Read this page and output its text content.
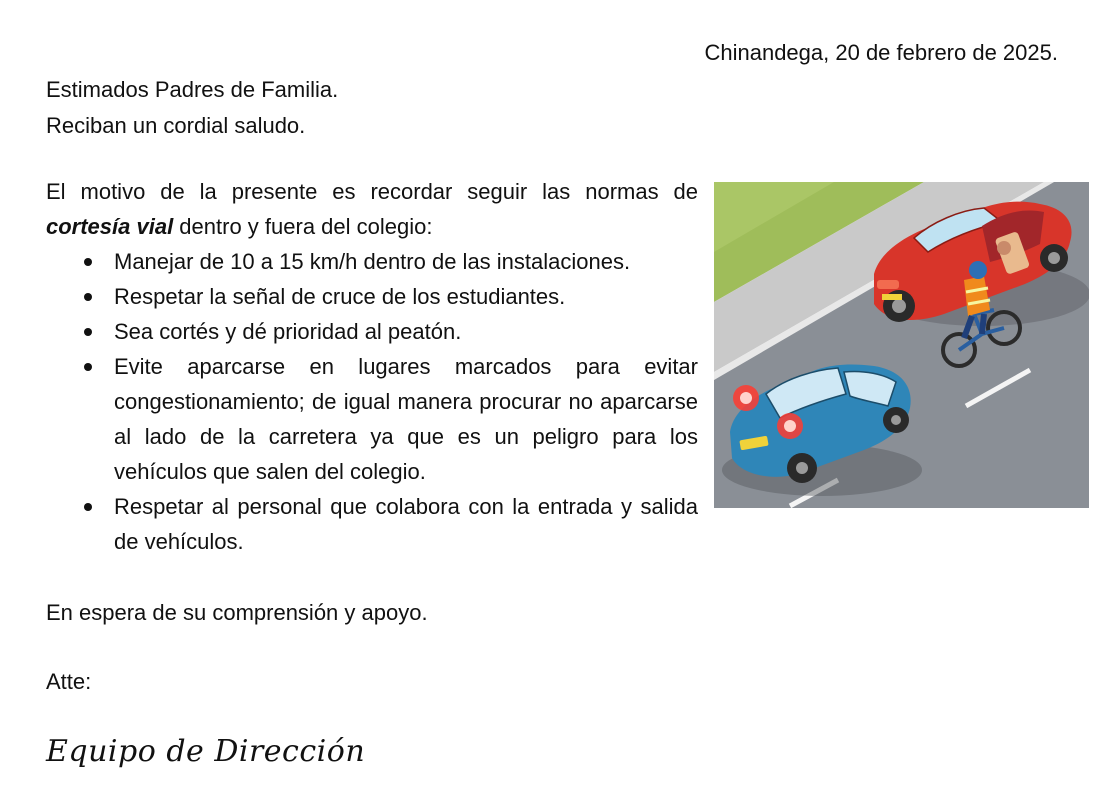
Chinandega, 20 de febrero de 2025.
Estimados Padres de Familia.
Reciban un cordial saludo.
El motivo de la presente es recordar seguir las normas de
cortesía vial dentro y fuera del colegio:
Manejar de 10 a 15 km/h dentro de las instalaciones.
Respetar la señal de cruce de los estudiantes.
Sea cortés y dé prioridad al peatón.
Evite aparcarse en lugares marcados para evitar congestionamiento; de igual manera procurar no aparcarse al lado de la carretera ya que es un peligro para los vehículos que salen del colegio.
Respetar al personal que colabora con la entrada y salida de vehículos.
En espera de su comprensión y apoyo.
Atte:
Equipo de Dirección
